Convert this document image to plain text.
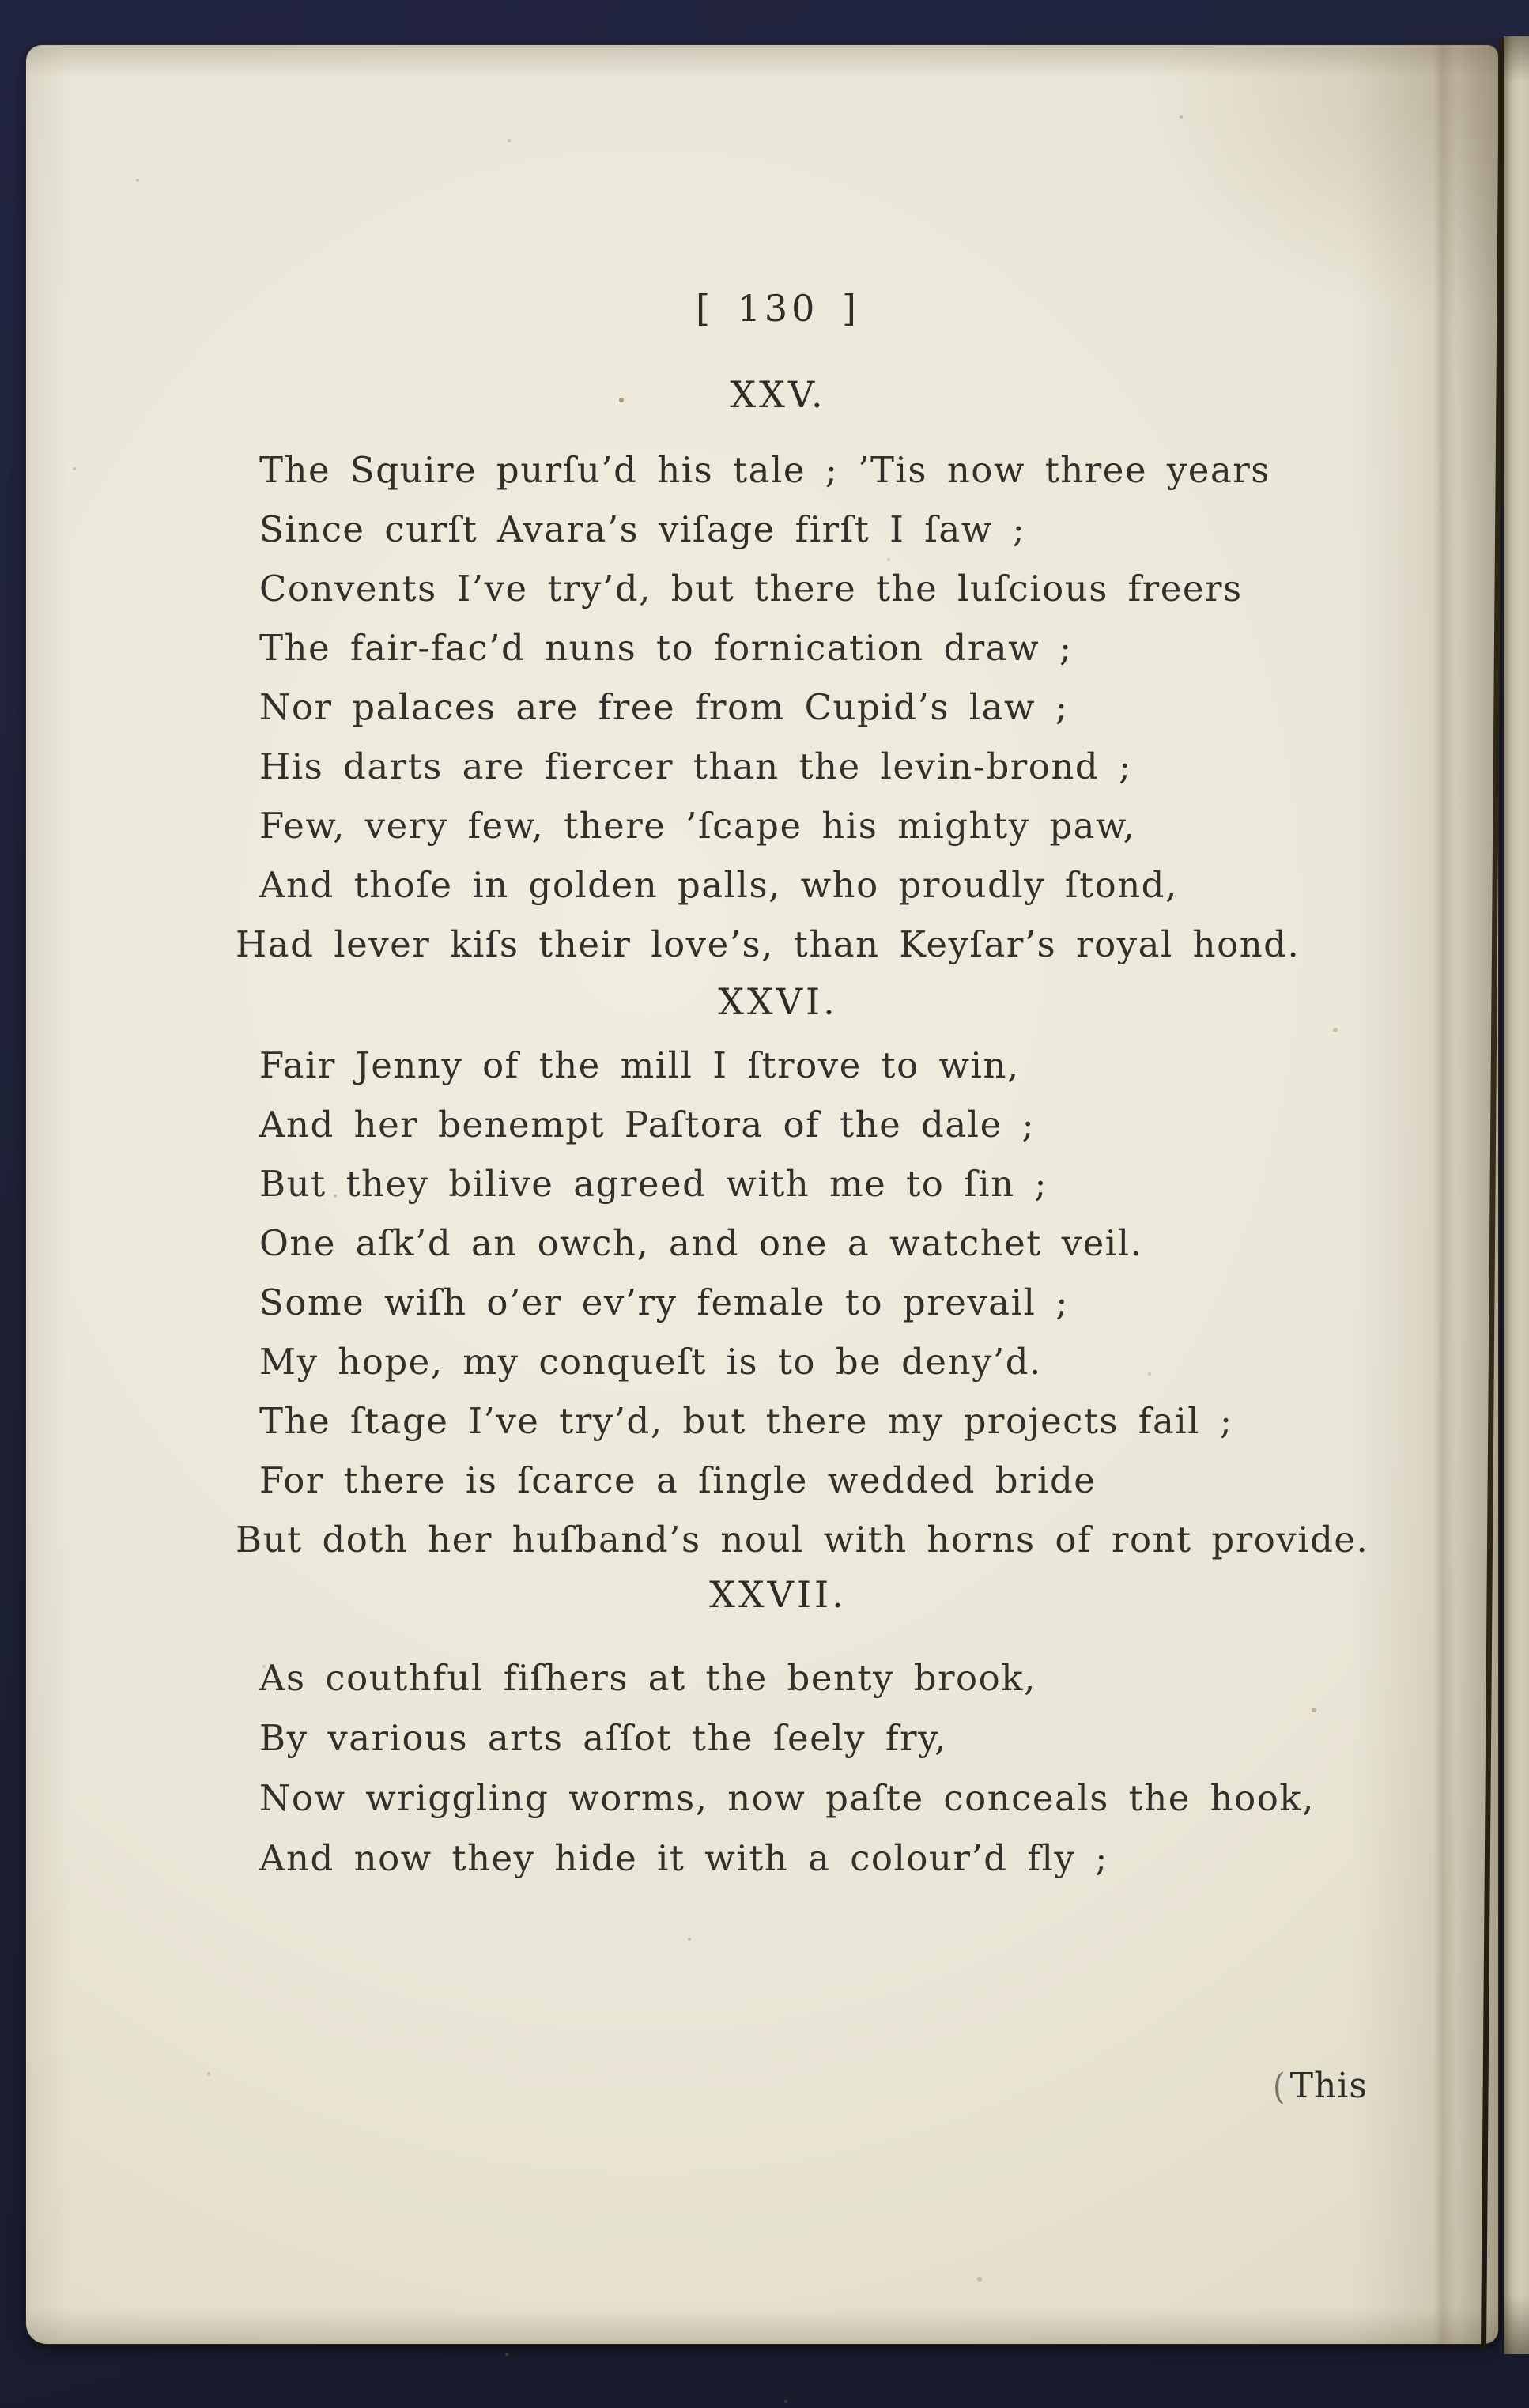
[ 130 ]
XXV.
The Squire purſu’d his tale ; ’Tis now three years
Since curſt Avara’s viſage firſt I ſaw ;
Convents I’ve try’d, but there the luſcious freers
The fair-fac’d nuns to fornication draw ;
Nor palaces are free from Cupid’s law ;
His darts are fiercer than the levin-brond ;
Few, very few, there ’ſcape his mighty paw,
And thoſe in golden palls, who proudly ſtond,
Had lever kiſs their love’s, than Keyſar’s royal hond.
XXVI.
Fair Jenny of the mill I ſtrove to win,
And her benempt Paſtora of the dale ;
But they bilive agreed with me to ſin ;
One aſk’d an owch, and one a watchet veil.
Some wiſh o’er ev’ry female to prevail ;
My hope, my conqueſt is to be deny’d.
The ſtage I’ve try’d, but there my projects fail ;
For there is ſcarce a ſingle wedded bride
But doth her huſband’s noul with horns of ront provide.
XXVII.
As couthful fiſhers at the benty brook,
By various arts aſſot the ſeely fry,
Now wriggling worms, now paſte conceals the hook,
And now they hide it with a colour’d fly ;
( This
